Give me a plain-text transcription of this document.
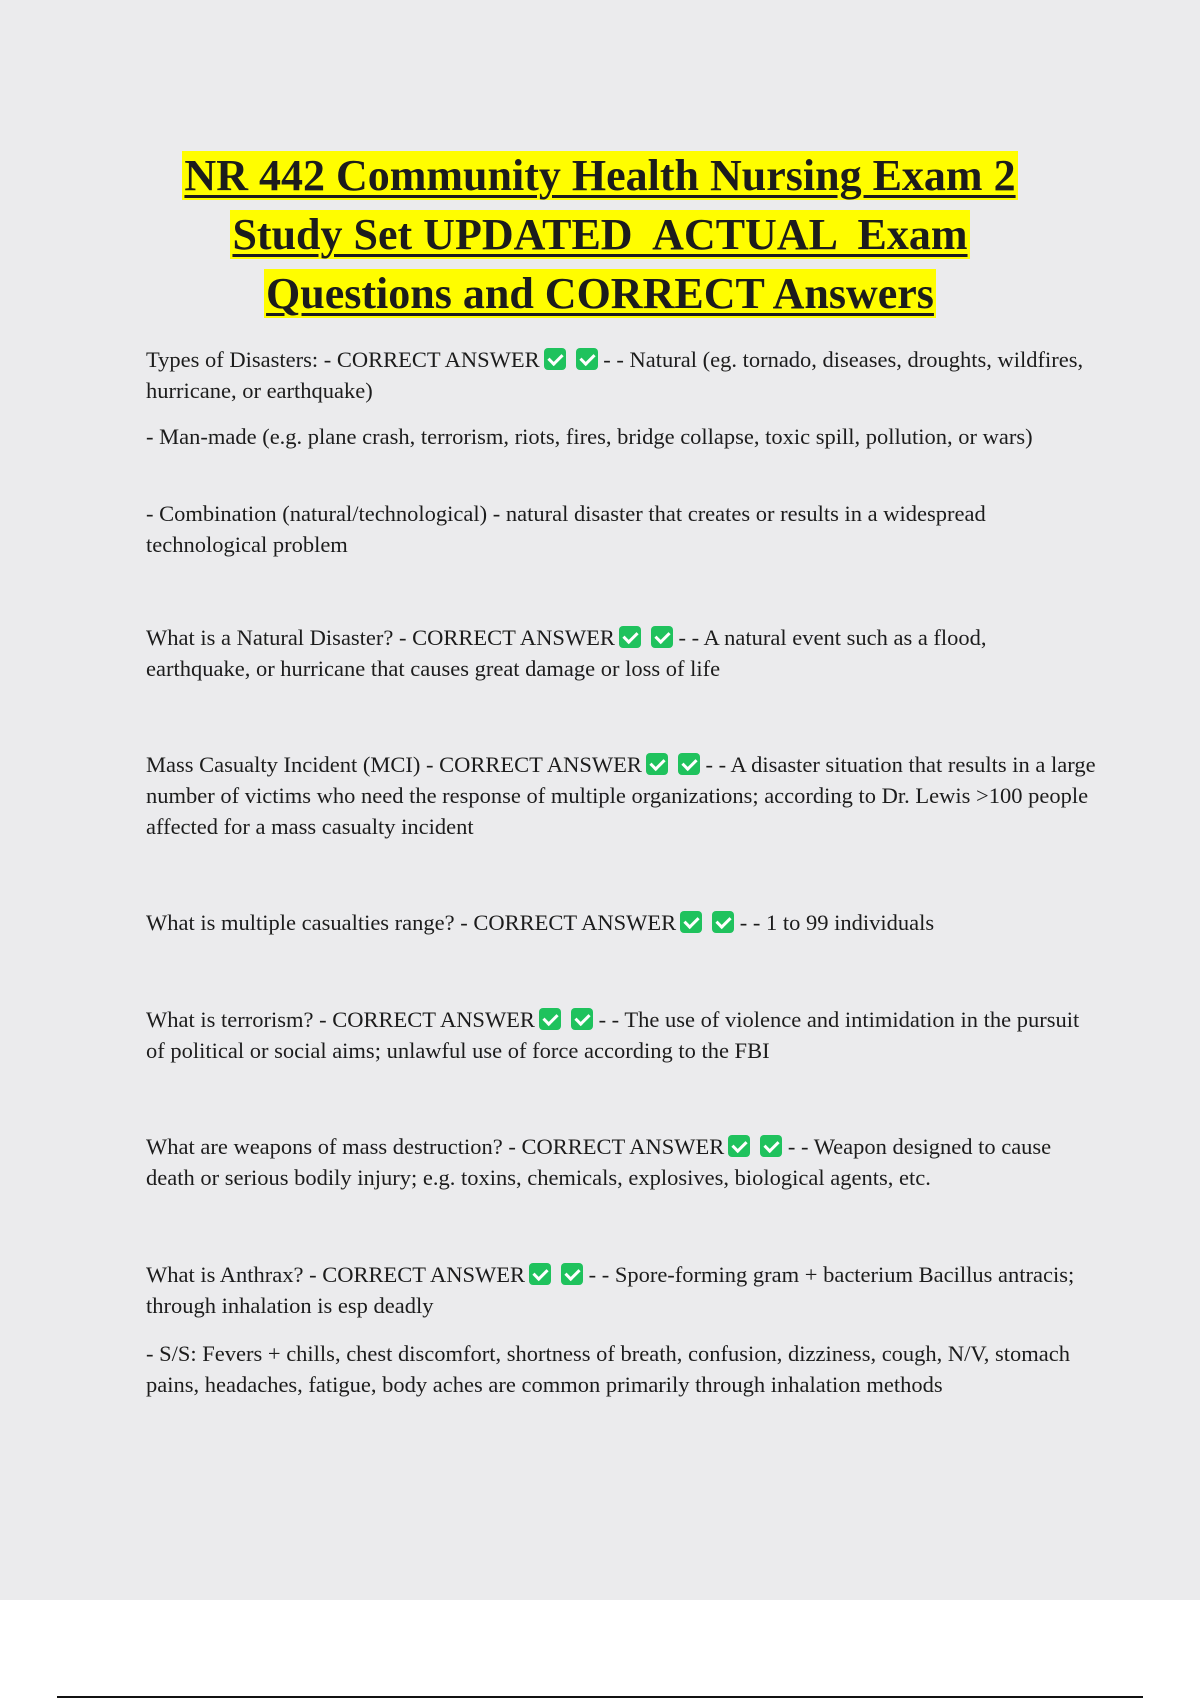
NR 442 Community Health Nursing Exam 2
Study Set UPDATED  ACTUAL  Exam
Questions and CORRECT Answers

Types of Disasters: - CORRECT ANSWER	- - Natural (eg. tornado, diseases, droughts, wildfires, hurricane, or earthquake)

- Man-made (e.g. plane crash, terrorism, riots, fires, bridge collapse, toxic spill, pollution, or wars)

- Combination (natural/technological) - natural disaster that creates or results in a widespread technological problem

What is a Natural Disaster? - CORRECT ANSWER	- - A natural event such as a flood, earthquake, or hurricane that causes great damage or loss of life

Mass Casualty Incident (MCI) - CORRECT ANSWER	- - A disaster situation that results in a large number of victims who need the response of multiple organizations; according to Dr. Lewis >100 people affected for a mass casualty incident

What is multiple casualties range? - CORRECT ANSWER	- - 1 to 99 individuals

What is terrorism? - CORRECT ANSWER	- - The use of violence and intimidation in the pursuit of political or social aims; unlawful use of force according to the FBI

What are weapons of mass destruction? - CORRECT ANSWER	- - Weapon designed to cause death or serious bodily injury; e.g. toxins, chemicals, explosives, biological agents, etc.

What is Anthrax? - CORRECT ANSWER	- - Spore-forming gram + bacterium Bacillus antracis; through inhalation is esp deadly

- S/S: Fevers + chills, chest discomfort, shortness of breath, confusion, dizziness, cough, N/V, stomach pains, headaches, fatigue, body aches are common primarily through inhalation methods
